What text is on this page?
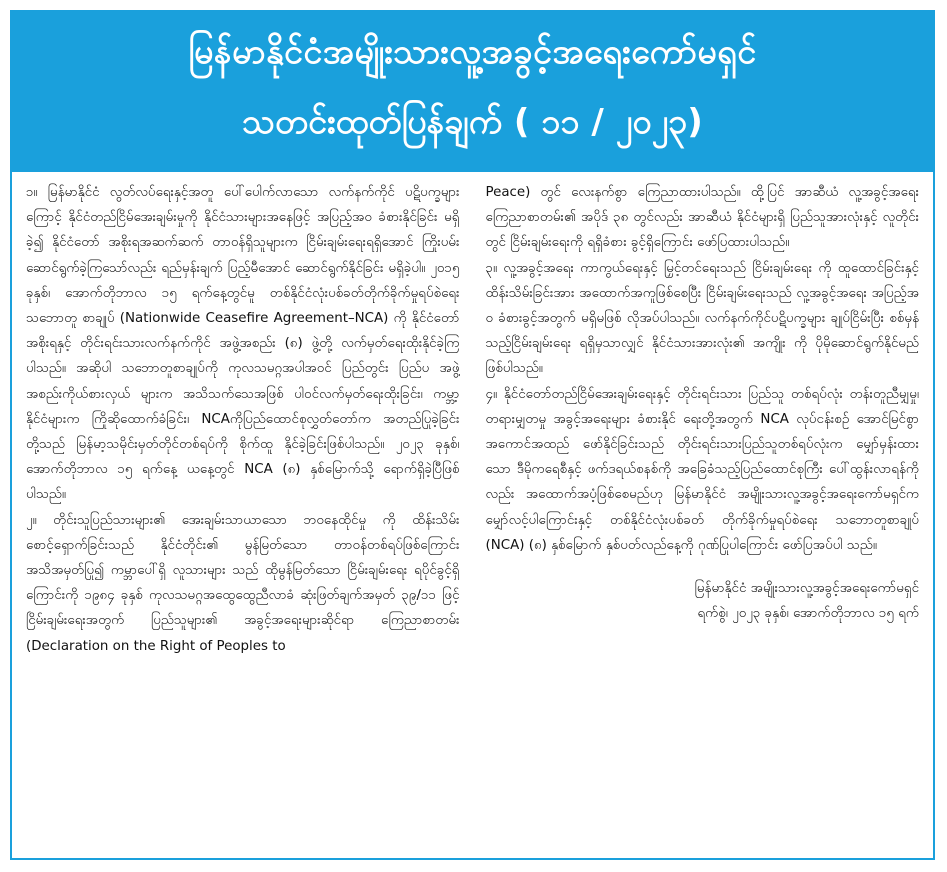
မြန်မာနိုင်ငံအမျိုးသားလူ့အခွင့်အရေးကော်မရှင်
သတင်းထုတ်ပြန်ချက် ( ၁၁ / ၂၀၂၃)

၁။ မြန်မာနိုင်ငံ လွတ်လပ်ရေးနှင့်အတူ ပေါ်ပေါက်လာသော လက်နက်ကိုင် ပဋိပက္ခများကြောင့် နိုင်ငံတည်ငြိမ်အေးချမ်းမှုကို နိုင်ငံသားများအနေဖြင့် အပြည့်အဝ ခံစားနိုင်ခြင်း မရှိခဲ့၍ နိုင်ငံတော် အစိုးရအဆက်ဆက် တာဝန်ရှိသူများက ငြိမ်းချမ်းရေးရရှိအောင် ကြိုးပမ်းဆောင်ရွက်ခဲ့ကြသော်လည်း ရည်မှန်းချက် ပြည့်မီအောင် ဆောင်ရွက်နိုင်ခြင်း မရှိခဲ့ပါ။ ၂၀၁၅ ခုနှစ်၊ အောက်တိုဘာလ ၁၅ ရက်နေ့တွင်မူ တစ်နိုင်ငံလုံးပစ်ခတ်တိုက်ခိုက်မှုရပ်စဲရေး သဘောတူ စာချုပ် (Nationwide Ceasefire Agreement–NCA) ကို နိုင်ငံတော် အစိုးရနှင့် တိုင်းရင်းသားလက်နက်ကိုင် အဖွဲ့အစည်း (၈) ဖွဲ့တို့ လက်မှတ်ရေးထိုးနိုင်ခဲ့ကြပါသည်။ အဆိုပါ သဘောတူစာချုပ်ကို ကုလသမဂ္ဂအပါအဝင် ပြည်တွင်း ပြည်ပ အဖွဲ့အစည်းကိုယ်စားလှယ် များက အသိသက်သေအဖြစ် ပါဝင်လက်မှတ်ရေးထိုးခြင်း၊ ကမ္ဘာ့ နိုင်ငံများက ကြိုဆိုထောက်ခံခြင်း၊ NCAကိုပြည်ထောင်စုလွှတ်တော်က အတည်ပြုခဲ့ခြင်းတို့သည် မြန်မာ့သမိုင်းမှတ်တိုင်တစ်ရပ်ကို စိုက်ထူ နိုင်ခဲ့ခြင်းဖြစ်ပါသည်။ ၂၀၂၃ ခုနှစ်၊ အောက်တိုဘာလ ၁၅ ရက်နေ့ ယနေ့တွင် NCA (၈) နှစ်မြောက်သို့ ရောက်ရှိခဲ့ပြီဖြစ်ပါသည်။

၂။ တိုင်းသူပြည်သားများ၏ အေးချမ်းသာယာသော ဘဝနေထိုင်မှု ကို ထိန်းသိမ်းစောင့်ရှောက်ခြင်းသည် နိုင်ငံတိုင်း၏ မွန်မြတ်သော တာဝန်တစ်ရပ်ဖြစ်ကြောင်း အသိအမှတ်ပြု၍ ကမ္ဘာပေါ်ရှိ လူသားများ သည် ထိုမွန်မြတ်သော ငြိမ်းချမ်းရေး ရပိုင်ခွင့်ရှိကြောင်းကို ၁၉၈၄ ခုနှစ် ကုလသမဂ္ဂအထွေထွေညီလာခံ ဆုံးဖြတ်ချက်အမှတ် ၃၉/၁၁ ဖြင့် ငြိမ်းချမ်းရေးအတွက် ပြည်သူများ၏ အခွင့်အရေးများဆိုင်ရာ ကြေညာစာတမ်း (Declaration on the Right of Peoples to

Peace) တွင် လေးနက်စွာ ကြေညာထားပါသည်။ ထို့ပြင် အာဆီယံ လူ့အခွင့်အရေးကြေညာစာတမ်း၏ အပိုဒ် ၃၈ တွင်လည်း အာဆီယံ နိုင်ငံများရှိ ပြည်သူအားလုံးနှင့် လူတိုင်းတွင် ငြိမ်းချမ်းရေးကို ရရှိခံစား ခွင့်ရှိကြောင်း ဖော်ပြထားပါသည်။

၃။ လူ့အခွင့်အရေး ကာကွယ်ရေးနှင့် မြှင့်တင်ရေးသည် ငြိမ်းချမ်းရေး ကို ထူထောင်ခြင်းနှင့် ထိန်းသိမ်းခြင်းအား အထောက်အကူဖြစ်စေပြီး ငြိမ်းချမ်းရေးသည် လူ့အခွင့်အရေး အပြည့်အဝ ခံစားခွင့်အတွက် မရှိမဖြစ် လိုအပ်ပါသည်။ လက်နက်ကိုင်ပဋိပက္ခများ ချုပ်ငြိမ်းပြီး စစ်မှန်သည့်ငြိမ်းချမ်းရေး ရရှိမှသာလျှင် နိုင်ငံသားအားလုံး၏ အကျိုး ကို ပိုမိုဆောင်ရွက်နိုင်မည် ဖြစ်ပါသည်။

၄။ နိုင်ငံတော်တည်ငြိမ်အေးချမ်းရေးနှင့် တိုင်းရင်းသား ပြည်သူ တစ်ရပ်လုံး တန်းတူညီမျှမှု၊ တရားမျှတမှု အခွင့်အရေးများ ခံစားနိုင် ရေးတို့အတွက် NCA လုပ်ငန်းစဉ် အောင်မြင်စွာ အကောင်အထည် ဖော်နိုင်ခြင်းသည် တိုင်းရင်းသားပြည်သူတစ်ရပ်လုံးက မျှော်မှန်းထား သော ဒီမိုကရေစီနှင့် ဖက်ဒရယ်စနစ်ကို အခြေခံသည့်ပြည်ထောင်စုကြီး ပေါ်ထွန်းလာရန်ကိုလည်း အထောက်အပံ့ဖြစ်စေမည်ဟု မြန်မာနိုင်ငံ အမျိုးသားလူ့အခွင့်အရေးကော်မရှင်က မျှော်လင့်ပါကြောင်းနှင့် တစ်နိုင်ငံလုံးပစ်ခတ် တိုက်ခိုက်မှုရပ်စဲရေး သဘောတူစာချုပ် (NCA) (၈) နှစ်မြောက် နှစ်ပတ်လည်နေ့ကို ဂုဏ်ပြုပါကြောင်း ဖော်ပြအပ်ပါ သည်။

မြန်မာနိုင်ငံ အမျိုးသားလူ့အခွင့်အရေးကော်မရှင်
ရက်စွဲ၊ ၂၀၂၃ ခုနှစ်၊ အောက်တိုဘာလ ၁၅ ရက်
